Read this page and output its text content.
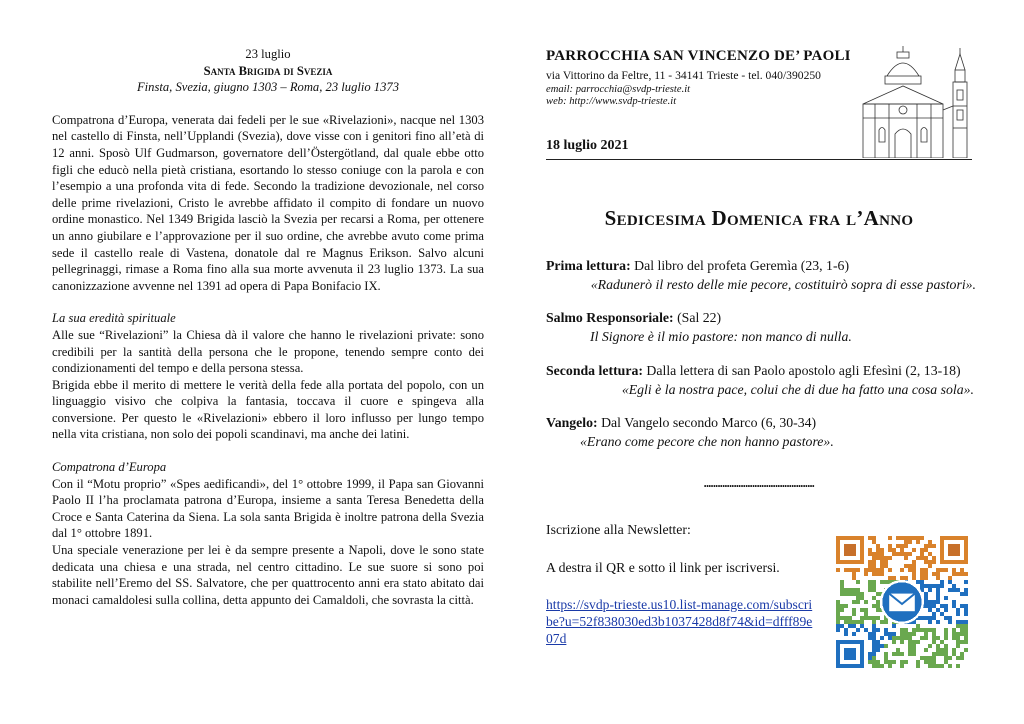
23 luglio

Santa Brigida di Svezia

Finsta, Svezia, giugno 1303 – Roma, 23 luglio 1373

Compatrona d’Europa, venerata dai fedeli per le sue «Rivelazioni», nacque nel 1303 nel castello di Finsta, nell’Upplandi (Svezia), dove visse con i genitori fino all’età di 12 anni. Sposò Ulf Gudmarson, governatore dell’Östergötland, dal quale ebbe otto figli che educò nella pietà cristiana, esortando lo stesso coniuge con la parola e con l’esempio a una profonda vita di fede. Secondo la tradizione devozionale, nel corso delle prime rivelazioni, Cristo le avrebbe affidato il compito di fondare un nuovo ordine monastico. Nel 1349 Brigida lasciò la Svezia per recarsi a Roma, per ottenere un anno giubilare e l’approvazione per il suo ordine, che avrebbe avuto come prima sede il castello reale di Vastena, donatole dal re Magnus Erikson. Salvo alcuni pellegrinaggi, rimase a Roma fino alla sua morte avvenuta il 23 luglio 1373. La sua canonizzazione avvenne nel 1391 ad opera di Papa Bonifacio IX.

La sua eredità spirituale

Alle sue “Rivelazioni” la Chiesa dà il valore che hanno le rivelazioni private: sono credibili per la santità della persona che le propone, tenendo sempre conto dei condizionamenti del tempo e della persona stessa.

Brigida ebbe il merito di mettere le verità della fede alla portata del popolo, con un linguaggio visivo che colpiva la fantasia, toccava il cuore e spingeva alla conversione. Per questo le «Rivelazioni» ebbero il loro influsso per lungo tempo nella vita cristiana, non solo dei popoli scandinavi, ma anche dei latini.

Compatrona d’Europa

Con il “Motu proprio” «Spes aedificandi», del 1° ottobre 1999, il Papa san Giovanni Paolo II l’ha proclamata patrona d’Europa, insieme a santa Teresa Benedetta della Croce e Santa Caterina da Siena. La sola santa Brigida è inoltre patrona della Svezia dal 1° ottobre 1891.

Una speciale venerazione per lei è da sempre presente a Napoli, dove le sono state dedicata una chiesa e una strada, nel centro cittadino. Le sue suore si sono poi stabilite nell’Eremo del SS. Salvatore, che per quattrocento anni era stato abitato dai monaci camaldolesi sulla collina, detta appunto dei Camaldoli, che sovrasta la città.

PARROCCHIA SAN VINCENZO DE’ PAOLI
via Vittorino da Feltre, 11 - 34141 Trieste - tel. 040/390250
email: parrocchia@svdp-trieste.it
web: http://www.svdp-trieste.it
18 luglio 2021
Sedicesima Domenica fra l’Anno
Prima lettura: Dal libro del profeta Geremìa (23, 1-6)
«Radunerò il resto delle mie pecore, costituirò sopra di esse pastori».
Salmo Responsoriale: (Sal 22)
Il Signore è il mio pastore: non manco di nulla.
Seconda lettura: Dalla lettera di san Paolo apostolo agli Efesìni (2, 13-18)
«Egli è la nostra pace, colui che di due ha fatto una cosa sola».
Vangelo: Dal Vangelo secondo Marco (6, 30-34)
«Erano come pecore che non hanno pastore».
••••••••••••••••••••••••••••••••••••••••••••••••
Iscrizione alla Newsletter:
A destra il QR e sotto il link per iscriversi.
https://svdp-trieste.us10.list-manage.com/subscribe?u=52f838030ed3b1037428d8f74&id=dfff89e07d
